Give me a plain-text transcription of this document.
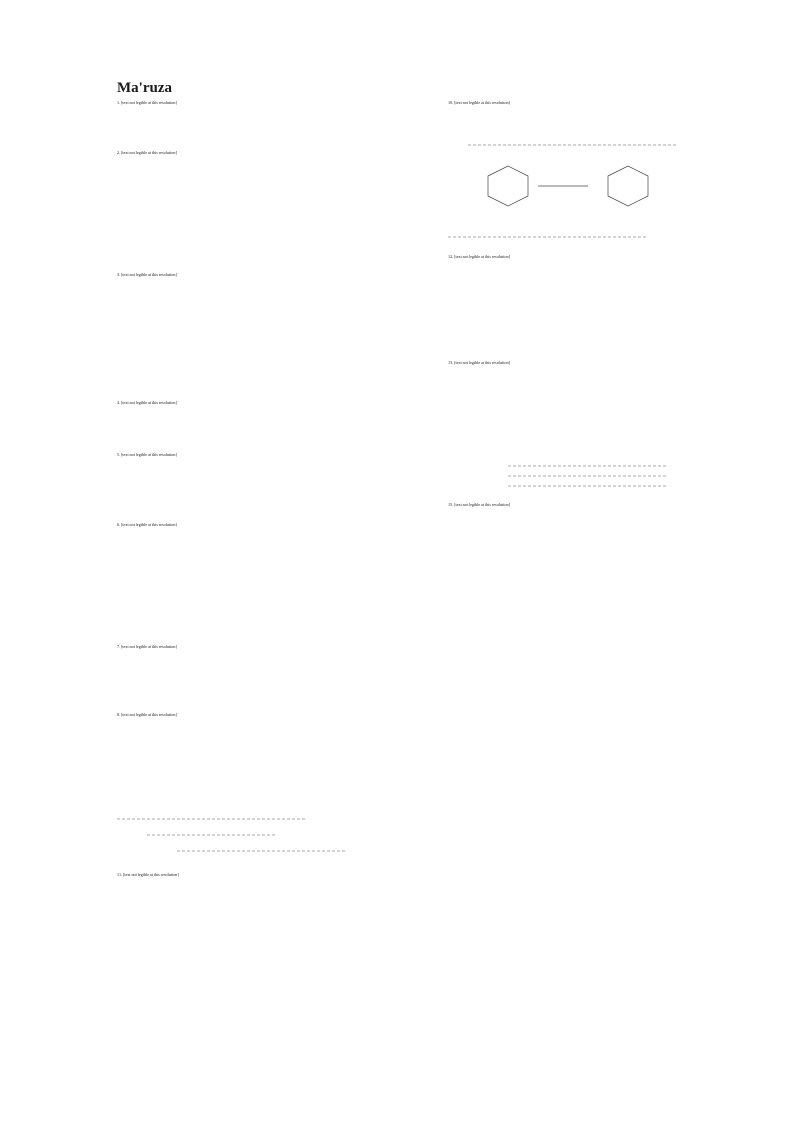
Ma'ruza

1. [text not legible at this resolution]

2. [text not legible at this resolution]

3. [text not legible at this resolution]

4. [text not legible at this resolution]

5. [text not legible at this resolution]

6. [text not legible at this resolution]

7. [text not legible at this resolution]

8. [text not legible at this resolution]

11. [text not legible at this resolution]

10. [text not legible at this resolution]

12. [text not legible at this resolution]

13. [text not legible at this resolution]

15. [text not legible at this resolution]
